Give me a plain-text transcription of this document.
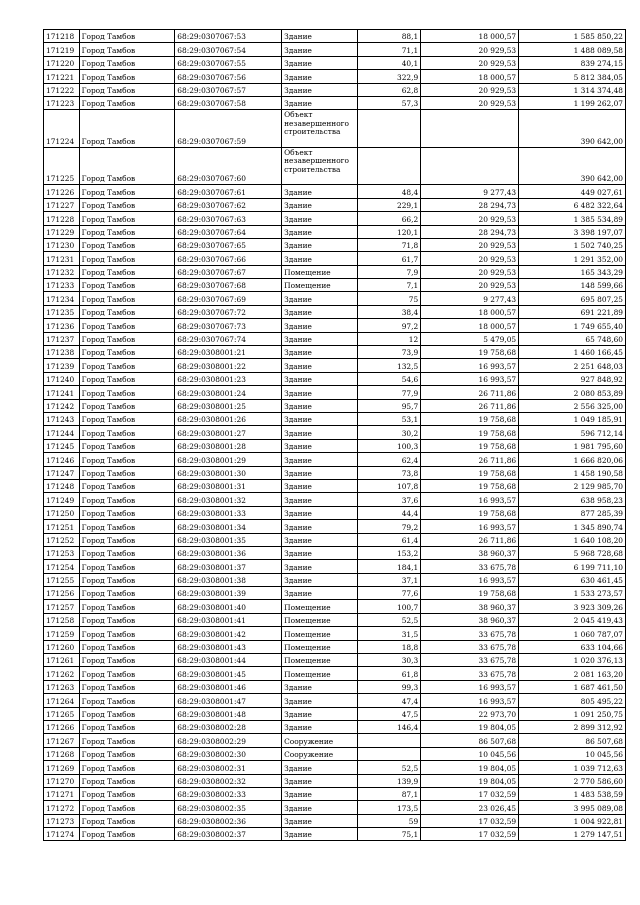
171218	Город Тамбов	68:29:0307067:53	Здание	88,1	18 000,57	1 585 850,22
171219	Город Тамбов	68:29:0307067:54	Здание	71,1	20 929,53	1 488 089,58
171220	Город Тамбов	68:29:0307067:55	Здание	40,1	20 929,53	839 274,15
171221	Город Тамбов	68:29:0307067:56	Здание	322,9	18 000,57	5 812 384,05
171222	Город Тамбов	68:29:0307067:57	Здание	62,8	20 929,53	1 314 374,48
171223	Город Тамбов	68:29:0307067:58	Здание	57,3	20 929,53	1 199 262,07
171224	Город Тамбов	68:29:0307067:59	Объект незавершенного строительства			390 642,00
171225	Город Тамбов	68:29:0307067:60	Объект незавершенного строительства			390 642,00
171226	Город Тамбов	68:29:0307067:61	Здание	48,4	9 277,43	449 027,61
171227	Город Тамбов	68:29:0307067:62	Здание	229,1	28 294,73	6 482 322,64
171228	Город Тамбов	68:29:0307067:63	Здание	66,2	20 929,53	1 385 534,89
171229	Город Тамбов	68:29:0307067:64	Здание	120,1	28 294,73	3 398 197,07
171230	Город Тамбов	68:29:0307067:65	Здание	71,8	20 929,53	1 502 740,25
171231	Город Тамбов	68:29:0307067:66	Здание	61,7	20 929,53	1 291 352,00
171232	Город Тамбов	68:29:0307067:67	Помещение	7,9	20 929,53	165 343,29
171233	Город Тамбов	68:29:0307067:68	Помещение	7,1	20 929,53	148 599,66
171234	Город Тамбов	68:29:0307067:69	Здание	75	9 277,43	695 807,25
171235	Город Тамбов	68:29:0307067:72	Здание	38,4	18 000,57	691 221,89
171236	Город Тамбов	68:29:0307067:73	Здание	97,2	18 000,57	1 749 655,40
171237	Город Тамбов	68:29:0307067:74	Здание	12	5 479,05	65 748,60
171238	Город Тамбов	68:29:0308001:21	Здание	73,9	19 758,68	1 460 166,45
171239	Город Тамбов	68:29:0308001:22	Здание	132,5	16 993,57	2 251 648,03
171240	Город Тамбов	68:29:0308001:23	Здание	54,6	16 993,57	927 848,92
171241	Город Тамбов	68:29:0308001:24	Здание	77,9	26 711,86	2 080 853,89
171242	Город Тамбов	68:29:0308001:25	Здание	95,7	26 711,86	2 556 325,00
171243	Город Тамбов	68:29:0308001:26	Здание	53,1	19 758,68	1 049 185,91
171244	Город Тамбов	68:29:0308001:27	Здание	30,2	19 758,68	596 712,14
171245	Город Тамбов	68:29:0308001:28	Здание	100,3	19 758,68	1 981 795,60
171246	Город Тамбов	68:29:0308001:29	Здание	62,4	26 711,86	1 666 820,06
171247	Город Тамбов	68:29:0308001:30	Здание	73,8	19 758,68	1 458 190,58
171248	Город Тамбов	68:29:0308001:31	Здание	107,8	19 758,68	2 129 985,70
171249	Город Тамбов	68:29:0308001:32	Здание	37,6	16 993,57	638 958,23
171250	Город Тамбов	68:29:0308001:33	Здание	44,4	19 758,68	877 285,39
171251	Город Тамбов	68:29:0308001:34	Здание	79,2	16 993,57	1 345 890,74
171252	Город Тамбов	68:29:0308001:35	Здание	61,4	26 711,86	1 640 108,20
171253	Город Тамбов	68:29:0308001:36	Здание	153,2	38 960,37	5 968 728,68
171254	Город Тамбов	68:29:0308001:37	Здание	184,1	33 675,78	6 199 711,10
171255	Город Тамбов	68:29:0308001:38	Здание	37,1	16 993,57	630 461,45
171256	Город Тамбов	68:29:0308001:39	Здание	77,6	19 758,68	1 533 273,57
171257	Город Тамбов	68:29:0308001:40	Помещение	100,7	38 960,37	3 923 309,26
171258	Город Тамбов	68:29:0308001:41	Помещение	52,5	38 960,37	2 045 419,43
171259	Город Тамбов	68:29:0308001:42	Помещение	31,5	33 675,78	1 060 787,07
171260	Город Тамбов	68:29:0308001:43	Помещение	18,8	33 675,78	633 104,66
171261	Город Тамбов	68:29:0308001:44	Помещение	30,3	33 675,78	1 020 376,13
171262	Город Тамбов	68:29:0308001:45	Помещение	61,8	33 675,78	2 081 163,20
171263	Город Тамбов	68:29:0308001:46	Здание	99,3	16 993,57	1 687 461,50
171264	Город Тамбов	68:29:0308001:47	Здание	47,4	16 993,57	805 495,22
171265	Город Тамбов	68:29:0308001:48	Здание	47,5	22 973,70	1 091 250,75
171266	Город Тамбов	68:29:0308002:28	Здание	146,4	19 804,05	2 899 312,92
171267	Город Тамбов	68:29:0308002:29	Сооружение		86 507,68	86 507,68
171268	Город Тамбов	68:29:0308002:30	Сооружение		10 045,56	10 045,56
171269	Город Тамбов	68:29:0308002:31	Здание	52,5	19 804,05	1 039 712,63
171270	Город Тамбов	68:29:0308002:32	Здание	139,9	19 804,05	2 770 586,60
171271	Город Тамбов	68:29:0308002:33	Здание	87,1	17 032,59	1 483 538,59
171272	Город Тамбов	68:29:0308002:35	Здание	173,5	23 026,45	3 995 089,08
171273	Город Тамбов	68:29:0308002:36	Здание	59	17 032,59	1 004 922,81
171274	Город Тамбов	68:29:0308002:37	Здание	75,1	17 032,59	1 279 147,51
